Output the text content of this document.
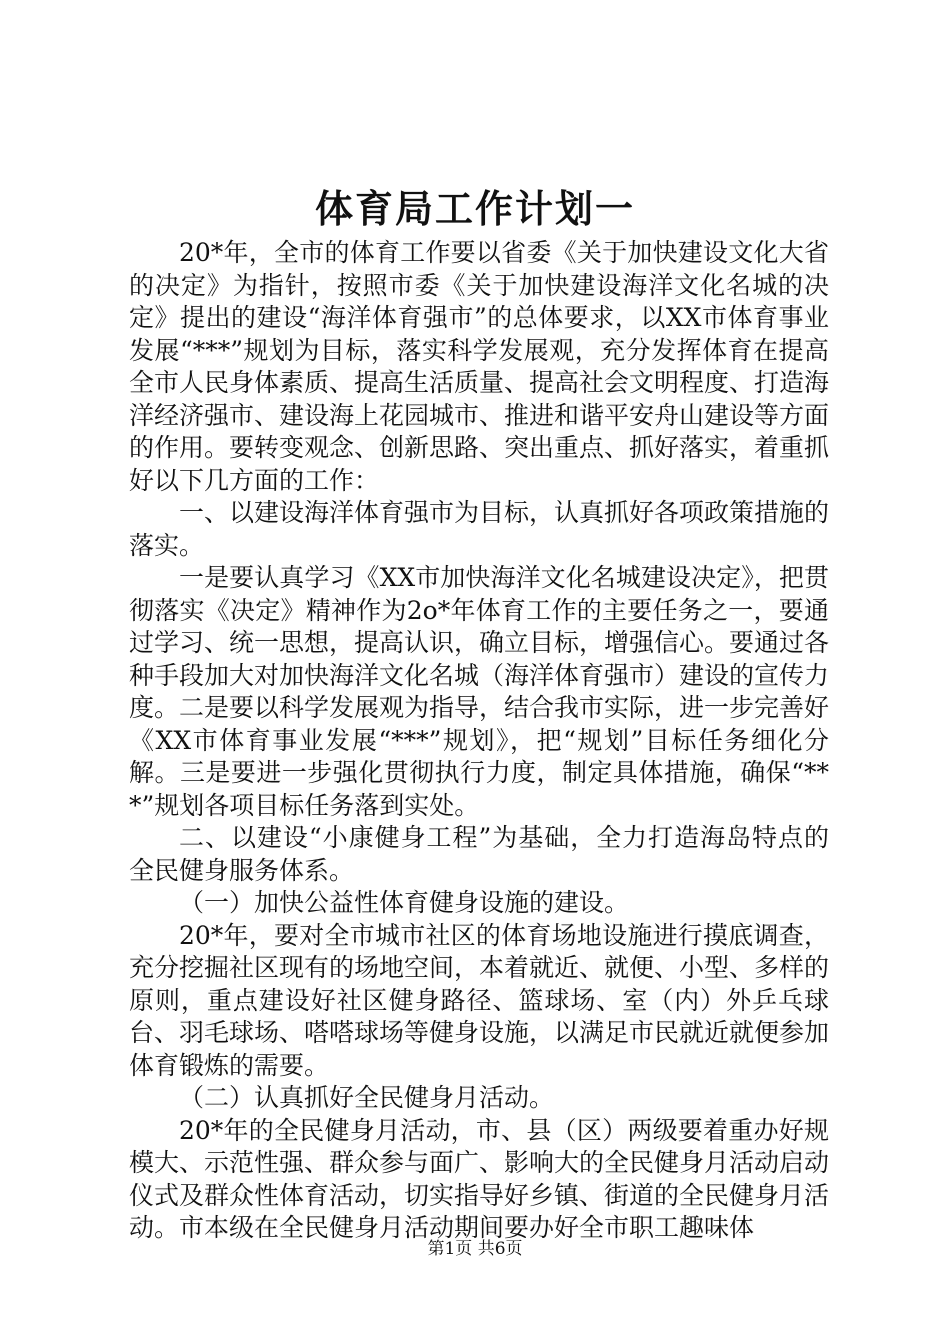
体育局工作计划一

20*年，全市的体育工作要以省委《关于加快建设文化大省的决定》为指针，按照市委《关于加快建设海洋文化名城的决定》提出的建设“海洋体育强市”的总体要求，以XX市体育事业发展“***”规划为目标，落实科学发展观，充分发挥体育在提高全市人民身体素质、提高生活质量、提高社会文明程度、打造海洋经济强市、建设海上花园城市、推进和谐平安舟山建设等方面的作用。要转变观念、创新思路、突出重点、抓好落实，着重抓好以下几方面的工作：

一、以建设海洋体育强市为目标，认真抓好各项政策措施的落实。

一是要认真学习《XX市加快海洋文化名城建设决定》，把贯彻落实《决定》精神作为2o*年体育工作的主要任务之一，要通过学习、统一思想，提高认识，确立目标，增强信心。要通过各种手段加大对加快海洋文化名城（海洋体育强市）建设的宣传力度。二是要以科学发展观为指导，结合我市实际，进一步完善好《XX市体育事业发展“***”规划》，把“规划”目标任务细化分解。三是要进一步强化贯彻执行力度，制定具体措施，确保“***”规划各项目标任务落到实处。

二、以建设“小康健身工程”为基础，全力打造海岛特点的全民健身服务体系。

（一）加快公益性体育健身设施的建设。

20*年，要对全市城市社区的体育场地设施进行摸底调查，充分挖掘社区现有的场地空间，本着就近、就便、小型、多样的原则，重点建设好社区健身路径、篮球场、室（内）外乒乓球台、羽毛球场、嗒嗒球场等健身设施，以满足市民就近就便参加体育锻炼的需要。

（二）认真抓好全民健身月活动。

20*年的全民健身月活动，市、县（区）两级要着重办好规模大、示范性强、群众参与面广、影响大的全民健身月活动启动仪式及群众性体育活动，切实指导好乡镇、街道的全民健身月活动。市本级在全民健身月活动期间要办好全市职工趣味体

第1页 共6页
